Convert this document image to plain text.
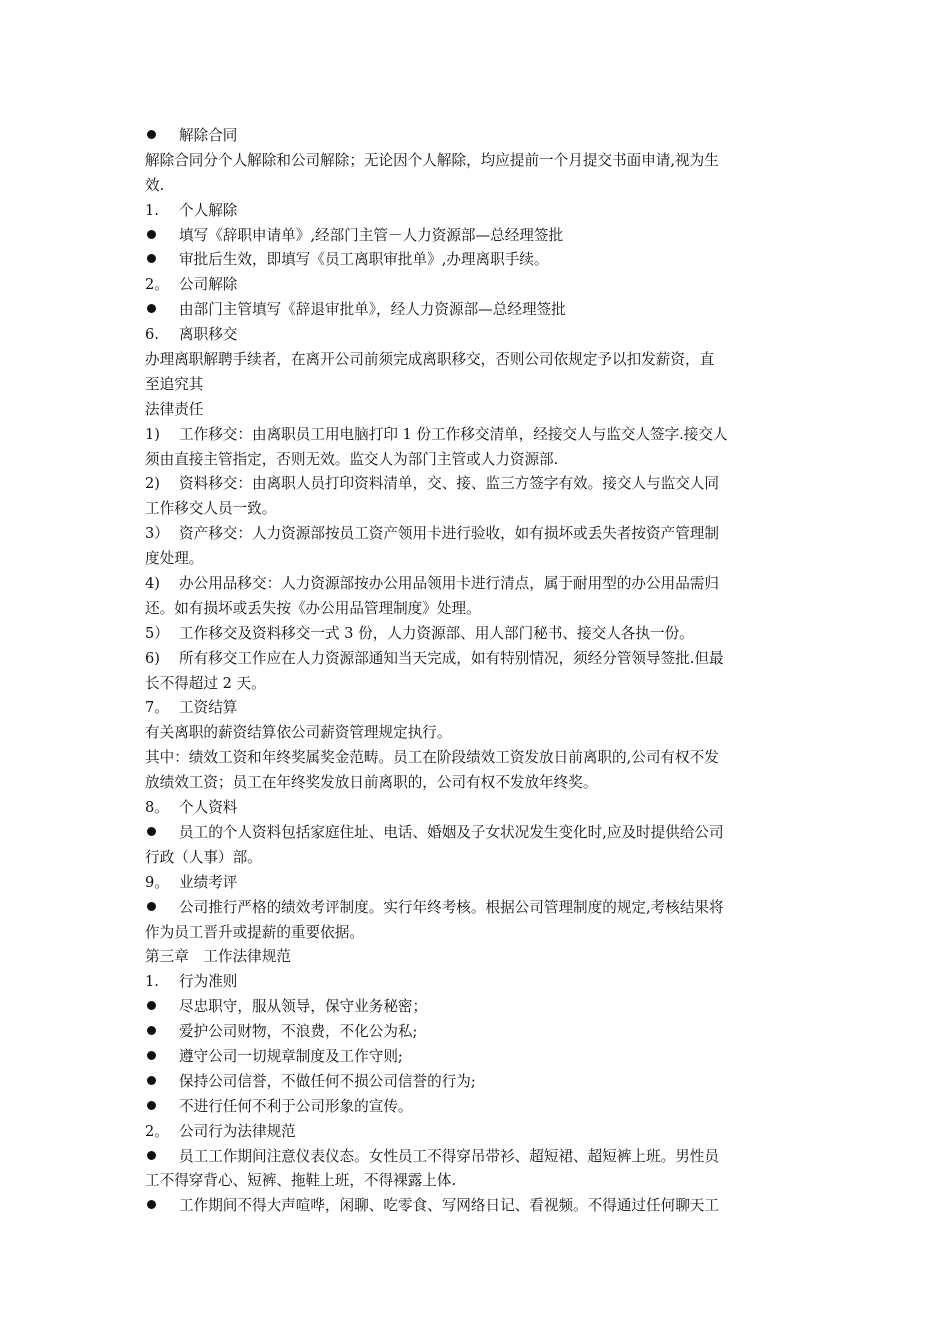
解除合同
解除合同分个人解除和公司解除；无论因个人解除，均应提前一个月提交书面申请,视为生
效.
1.	个人解除
填写《辞职申请单》,经部门主管－人力资源部—总经理签批
审批后生效，即填写《员工离职审批单》,办理离职手续。
2。 公司解除
由部门主管填写《辞退审批单》，经人力资源部—总经理签批
6.	离职移交
办理离职解聘手续者，在离开公司前须完成离职移交，否则公司依规定予以扣发薪资，直
至追究其
法律责任
1)	工作移交：由离职员工用电脑打印 1 份工作移交清单，经接交人与监交人签字.接交人
须由直接主管指定，否则无效。监交人为部门主管或人力资源部.
2)	资料移交：由离职人员打印资料清单，交、接、监三方签字有效。接交人与监交人同
工作移交人员一致。
3） 资产移交：人力资源部按员工资产领用卡进行验收，如有损坏或丢失者按资产管理制
度处理。
4)	办公用品移交：人力资源部按办公用品领用卡进行清点，属于耐用型的办公用品需归
还。如有损坏或丢失按《办公用品管理制度》处理。
5） 工作移交及资料移交一式 3 份，人力资源部、用人部门秘书、接交人各执一份。
6)	所有移交工作应在人力资源部通知当天完成，如有特别情况，须经分管领导签批.但最
长不得超过 2 天。
7。 工资结算
有关离职的薪资结算依公司薪资管理规定执行。
其中：绩效工资和年终奖属奖金范畴。员工在阶段绩效工资发放日前离职的,公司有权不发
放绩效工资；员工在年终奖发放日前离职的，公司有权不发放年终奖。
8。 个人资料
员工的个人资料包括家庭住址、电话、婚姻及子女状况发生变化时,应及时提供给公司
行政（人事）部。
9。 业绩考评
公司推行严格的绩效考评制度。实行年终考核。根据公司管理制度的规定,考核结果将
作为员工晋升或提薪的重要依据。
第三章　工作法律规范
1.	行为准则
尽忠职守，服从领导，保守业务秘密；
爱护公司财物，不浪费，不化公为私;
遵守公司一切规章制度及工作守则;
保持公司信誉，不做任何不损公司信誉的行为;
不进行任何不利于公司形象的宣传。
2。 公司行为法律规范
员工工作期间注意仪表仪态。女性员工不得穿吊带衫、超短裙、超短裤上班。男性员
工不得穿背心、短裤、拖鞋上班，不得裸露上体.
工作期间不得大声喧哗，闲聊、吃零食、写网络日记、看视频。不得通过任何聊天工
